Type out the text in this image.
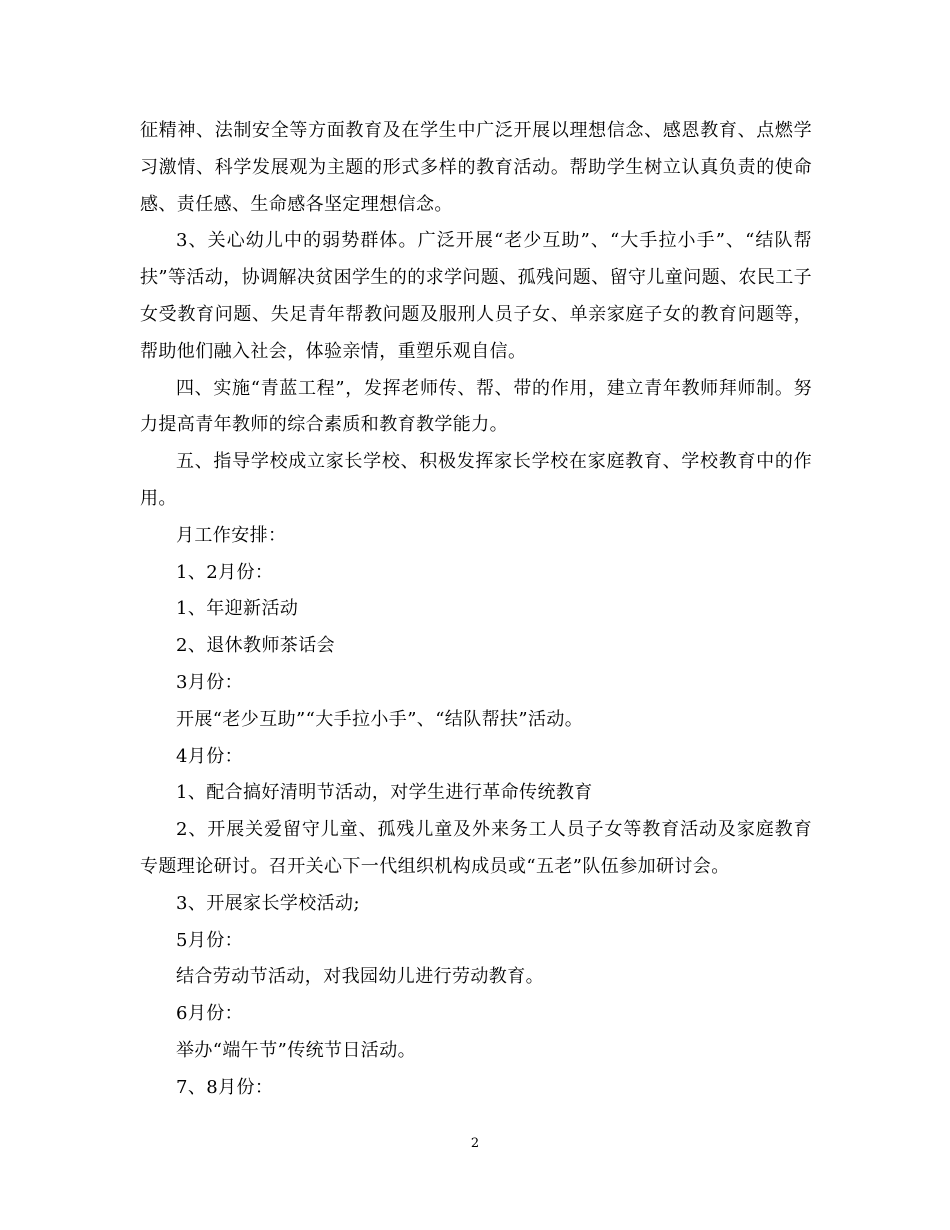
征精神、法制安全等方面教育及在学生中广泛开展以理想信念、感恩教育、点燃学习激情、科学发展观为主题的形式多样的教育活动。帮助学生树立认真负责的使命感、责任感、生命感各坚定理想信念。

3、关心幼儿中的弱势群体。广泛开展“老少互助”、“大手拉小手”、“结队帮扶”等活动，协调解决贫困学生的的求学问题、孤残问题、留守儿童问题、农民工子女受教育问题、失足青年帮教问题及服刑人员子女、单亲家庭子女的教育问题等，帮助他们融入社会，体验亲情，重塑乐观自信。

四、实施“青蓝工程”，发挥老师传、帮、带的作用，建立青年教师拜师制。努力提高青年教师的综合素质和教育教学能力。

五、指导学校成立家长学校、积极发挥家长学校在家庭教育、学校教育中的作用。

月工作安排：

1、2月份：

1、年迎新活动

2、退休教师茶话会

3月份：

开展“老少互助”“大手拉小手”、“结队帮扶”活动。

4月份：

1、配合搞好清明节活动，对学生进行革命传统教育

2、开展关爱留守儿童、孤残儿童及外来务工人员子女等教育活动及家庭教育专题理论研讨。召开关心下一代组织机构成员或“五老”队伍参加研讨会。

3、开展家长学校活动;

5月份：

结合劳动节活动，对我园幼儿进行劳动教育。

6月份：

举办“端午节”传统节日活动。

7、8月份：

2
